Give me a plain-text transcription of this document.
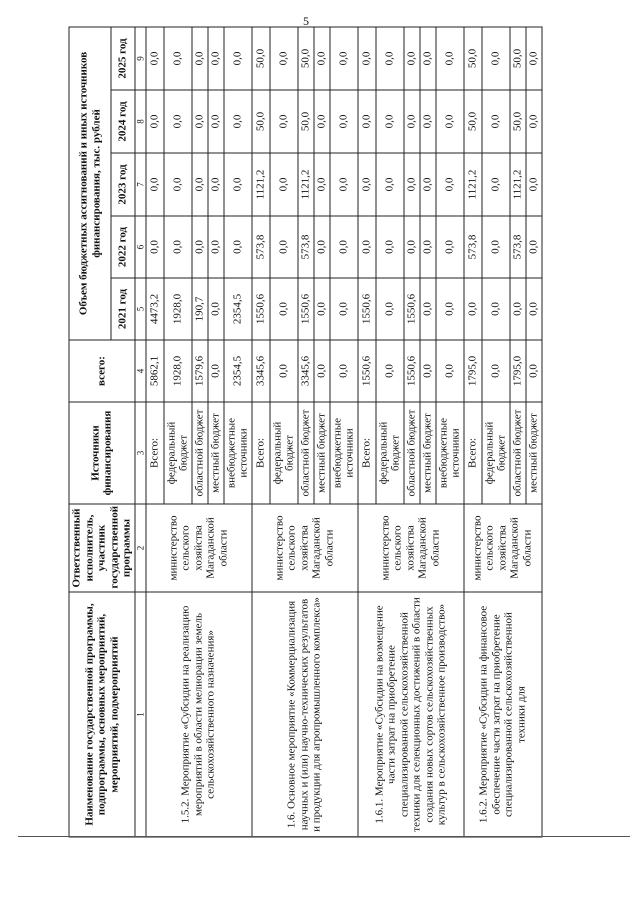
5
Наименование государственной программы, подпрограммы, основных мероприятий, мероприятий, подмероприятий	Ответственный исполнитель, участник государственной программы	Источники финансирования	всего:	Объем бюджетных ассигнований и иных источников финансирования, тыс. рублей				
				2021 год	2022 год	2023 год	2024 год	2025 год
1	2	3	4	5	6	7	8	9
1.5.2. Мероприятие «Субсидии на реализацию мероприятий в области мелиорации земель сельскохозяйственного назначения»	министерство сельского хозяйства Магаданской области	Всего:	5862,1	4473,2	0,0	0,0	0,0	0,0
		федеральный бюджет	1928,0	1928,0	0,0	0,0	0,0	0,0
		областной бюджет	1579,6	190,7	0,0	0,0	0,0	0,0
		местный бюджет	0,0	0,0	0,0	0,0	0,0	0,0
		внебюджетные источники	2354,5	2354,5	0,0	0,0	0,0	0,0
1.6. Основное мероприятие «Коммерциализация научных и (или) научно-технических результатов и продукции для агропромышленного комплекса»	министерство сельского хозяйства Магаданской области	Всего:	3345,6	1550,6	573,8	1121,2	50,0	50,0
		федеральный бюджет	0,0	0,0	0,0	0,0	0,0	0,0
		областной бюджет	3345,6	1550,6	573,8	1121,2	50,0	50,0
		местный бюджет	0,0	0,0	0,0	0,0	0,0	0,0
		внебюджетные источники	0,0	0,0	0,0	0,0	0,0	0,0
1.6.1. Мероприятие «Субсидии на возмещение части затрат на приобретение специализированной сельскохозяйственной техники для селекционных достижений в области создания новых сортов сельскохозяйственных культур в сельскохозяйственное производство»	министерство сельского хозяйства Магаданской области	Всего:	1550,6	1550,6	0,0	0,0	0,0	0,0
		федеральный бюджет	0,0	0,0	0,0	0,0	0,0	0,0
		областной бюджет	1550,6	1550,6	0,0	0,0	0,0	0,0
		местный бюджет	0,0	0,0	0,0	0,0	0,0	0,0
		внебюджетные источники	0,0	0,0	0,0	0,0	0,0	0,0
1.6.2. Мероприятие «Субсидии на финансовое обеспечение части затрат на приобретение специализированной сельскохозяйственной техники для	министерство сельского хозяйства Магаданской области	Всего:	1795,0	0,0	573,8	1121,2	50,0	50,0
		федеральный бюджет	0,0	0,0	0,0	0,0	0,0	0,0
		областной бюджет	1795,0	0,0	573,8	1121,2	50,0	50,0
		местный бюджет	0,0	0,0	0,0	0,0	0,0	0,0
